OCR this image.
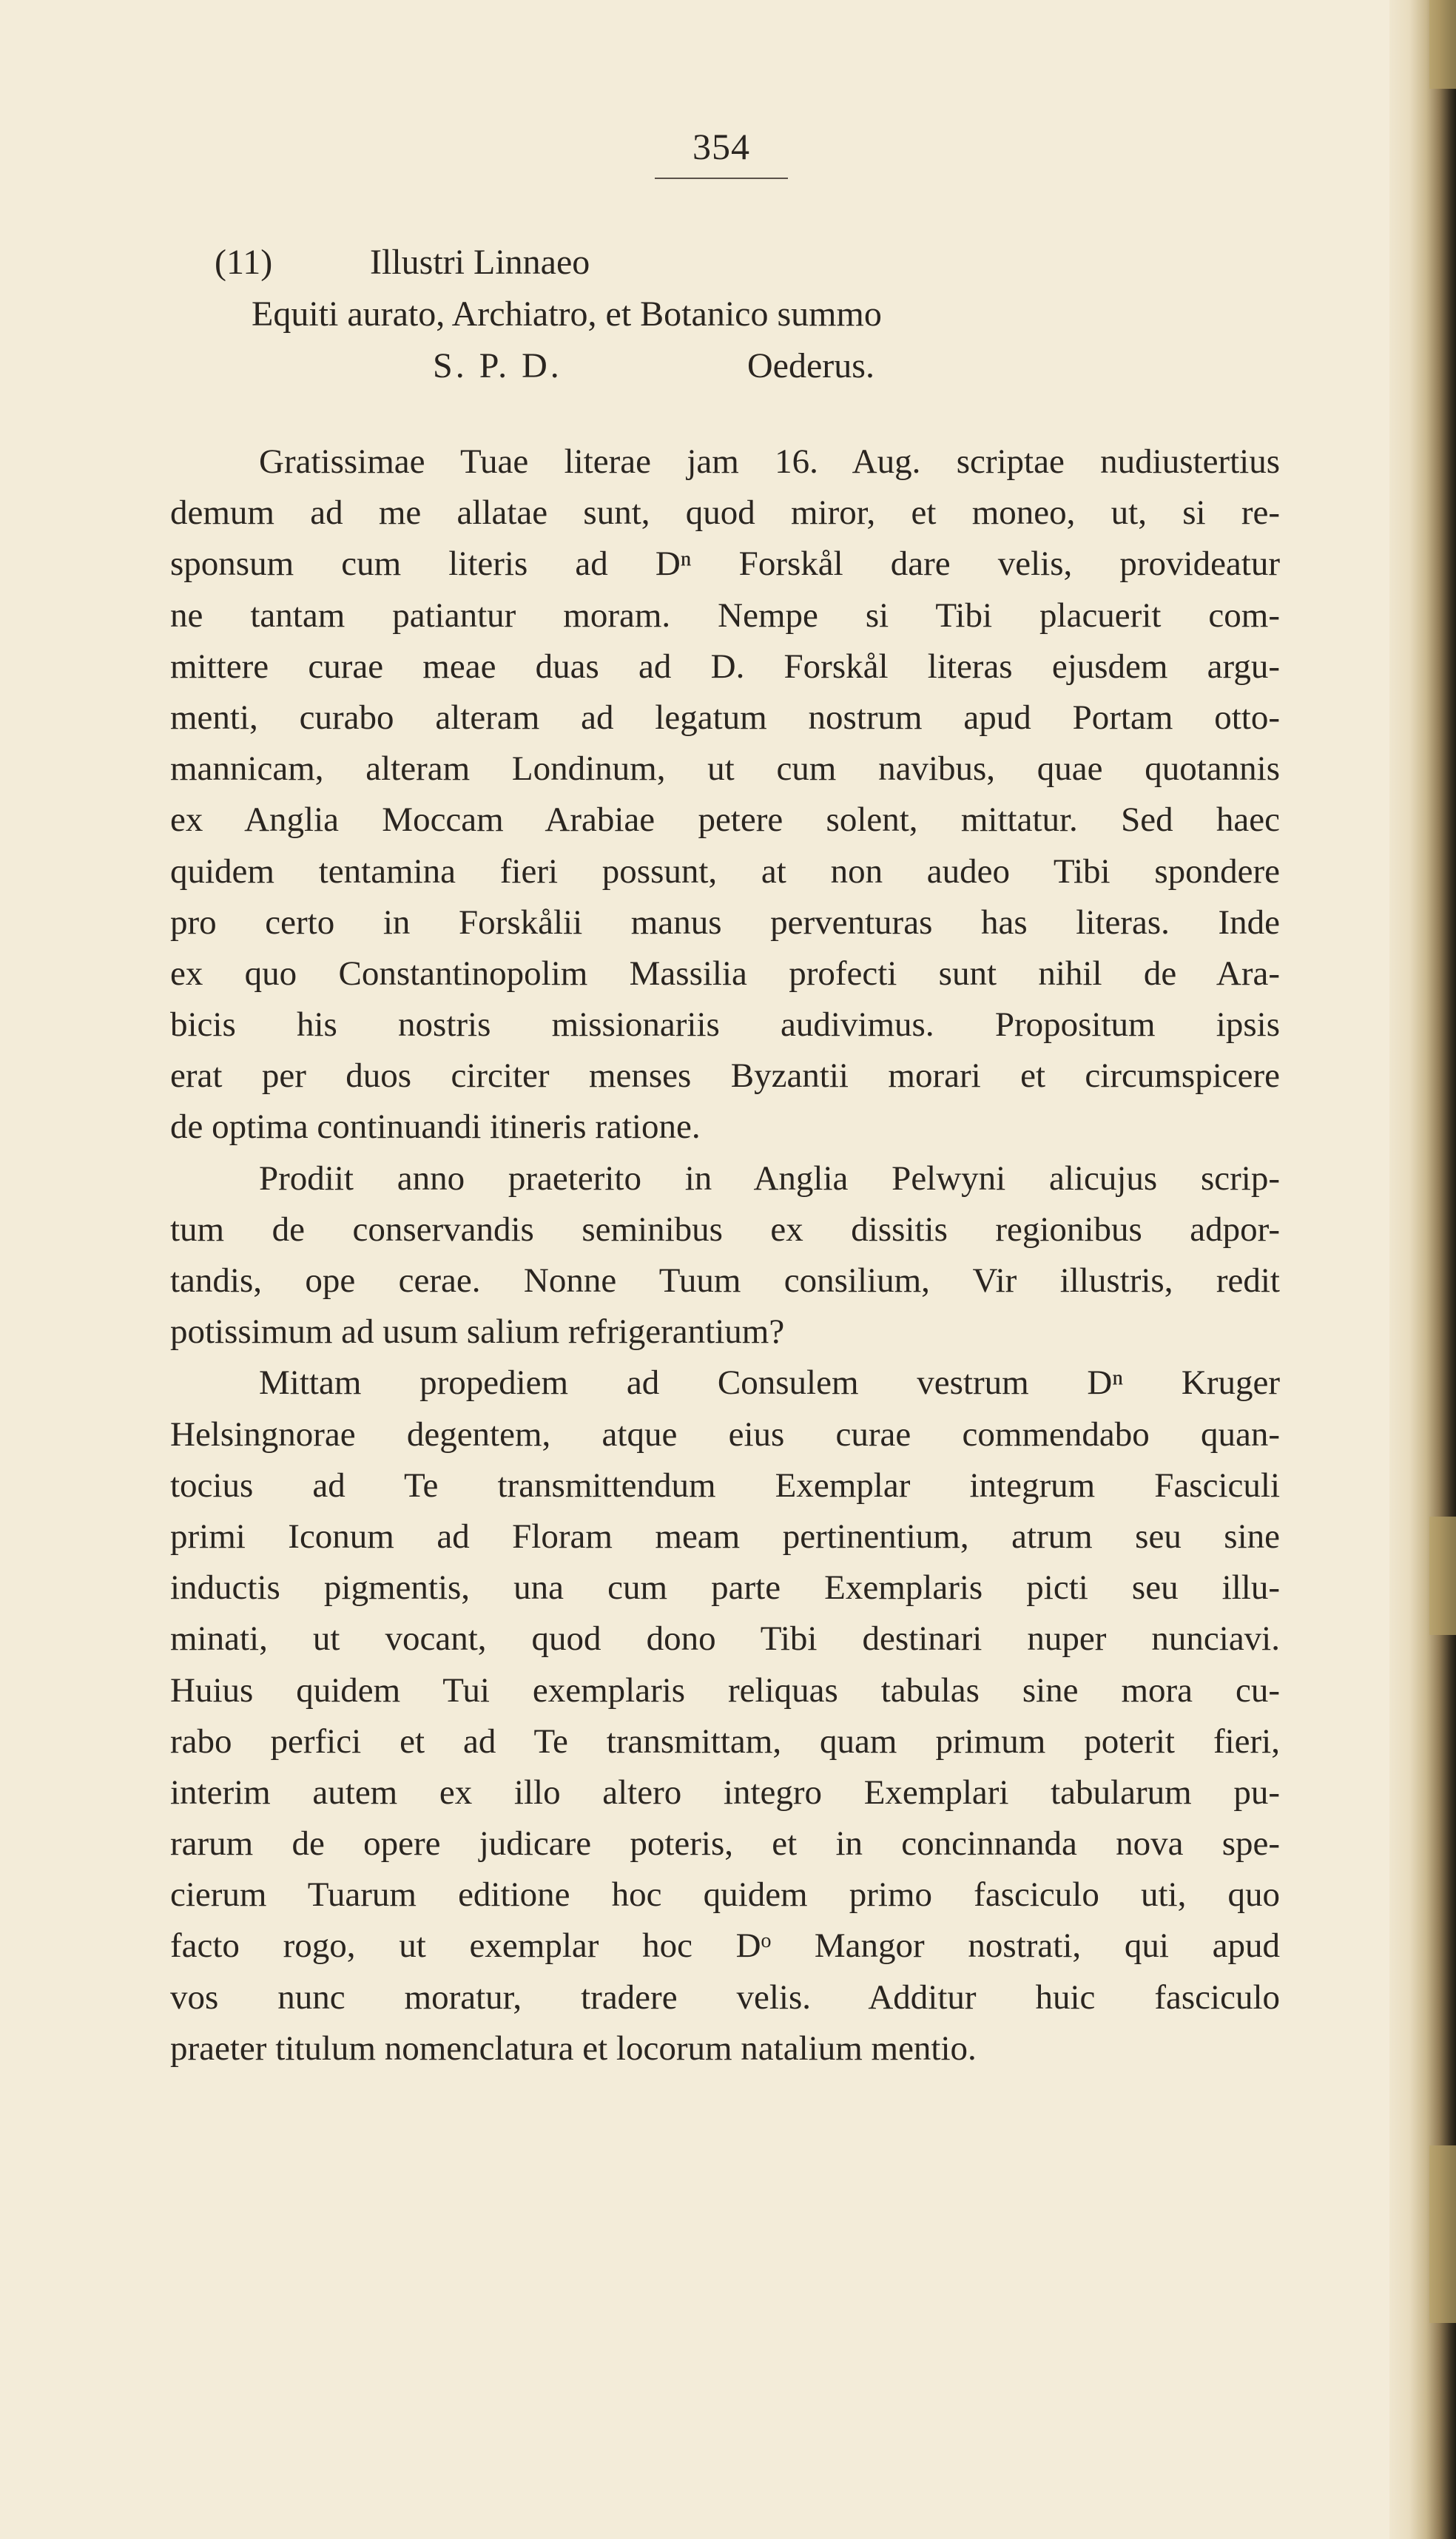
354
(11)	Illustri Linnaeo
Equiti aurato, Archiatro, et Botanico summo
S. P. D.	Oederus.
Gratissimae Tuae literae jam 16. Aug. scriptae nudiustertius
demum ad me allatae sunt, quod miror, et moneo, ut, si re-
sponsum cum literis ad Dⁿ Forskål dare velis, provideatur
ne tantam patiantur moram. Nempe si Tibi placuerit com-
mittere curae meae duas ad D. Forskål literas ejusdem argu-
menti, curabo alteram ad legatum nostrum apud Portam otto-
mannicam, alteram Londinum, ut cum navibus, quae quotannis
ex Anglia Moccam Arabiae petere solent, mittatur. Sed haec
quidem tentamina fieri possunt, at non audeo Tibi spondere
pro certo in Forskålii manus perventuras has literas. Inde
ex quo Constantinopolim Massilia profecti sunt nihil de Ara-
bicis his nostris missionariis audivimus. Propositum ipsis
erat per duos circiter menses Byzantii morari et circumspicere
de optima continuandi itineris ratione.
Prodiit anno praeterito in Anglia Pelwyni alicujus scrip-
tum de conservandis seminibus ex dissitis regionibus adpor-
tandis, ope cerae. Nonne Tuum consilium, Vir illustris, redit
potissimum ad usum salium refrigerantium?
Mittam propediem ad Consulem vestrum Dⁿ Kruger
Helsingnorae degentem, atque eius curae commendabo quan-
tocius ad Te transmittendum Exemplar integrum Fasciculi
primi Iconum ad Floram meam pertinentium, atrum seu sine
inductis pigmentis, una cum parte Exemplaris picti seu illu-
minati, ut vocant, quod dono Tibi destinari nuper nunciavi.
Huius quidem Tui exemplaris reliquas tabulas sine mora cu-
rabo perfici et ad Te transmittam, quam primum poterit fieri,
interim autem ex illo altero integro Exemplari tabularum pu-
rarum de opere judicare poteris, et in concinnanda nova spe-
cierum Tuarum editione hoc quidem primo fasciculo uti, quo
facto rogo, ut exemplar hoc Dᵒ Mangor nostrati, qui apud
vos nunc moratur, tradere velis. Additur huic fasciculo
praeter titulum nomenclatura et locorum natalium mentio.
